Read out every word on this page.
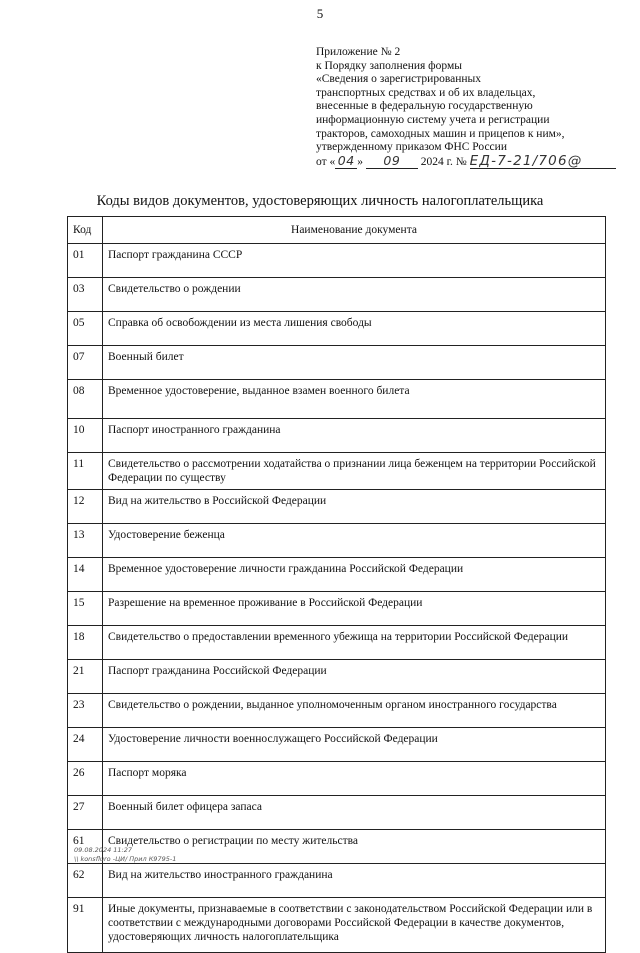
5
Приложение № 2
к Порядку заполнения формы
«Сведения о зарегистрированных
транспортных средствах и об их владельцах,
внесенные в федеральную государственную
информационную систему учета и регистрации
тракторов, самоходных машин и прицепов к ним»,
утвержденному приказом ФНС России
от « 04 » 09 2024 г. № ЕД-7-21/706@
Коды видов документов, удостоверяющих личность налогоплательщика
Код	Наименование документа
01	Паспорт гражданина СССР
03	Свидетельство о рождении
05	Справка об освобождении из места лишения свободы
07	Военный билет
08	Временное удостоверение, выданное взамен военного билета
10	Паспорт иностранного гражданина
11	Свидетельство о рассмотрении ходатайства о признании лица беженцем на территории Российской Федерации по существу
12	Вид на жительство в Российской Федерации
13	Удостоверение беженца
14	Временное удостоверение личности гражданина Российской Федерации
15	Разрешение на временное проживание в Российской Федерации
18	Свидетельство о предоставлении временного убежища на территории Российской Федерации
21	Паспорт гражданина Российской Федерации
23	Свидетельство о рождении, выданное уполномоченным органом иностранного государства
24	Удостоверение личности военнослужащего Российской Федерации
26	Паспорт моряка
27	Военный билет офицера запаса
61	Свидетельство о регистрации по месту жительства
62	Вид на жительство иностранного гражданина
91	Иные документы, признаваемые в соответствии с законодательством Российской Федерации или в соответствии с международными договорами Российской Федерации в качестве документов, удостоверяющих личность налогоплательщика
09.08.2024 11:27
\\ konsfluro -ЦИ/ Прил К9795-1
